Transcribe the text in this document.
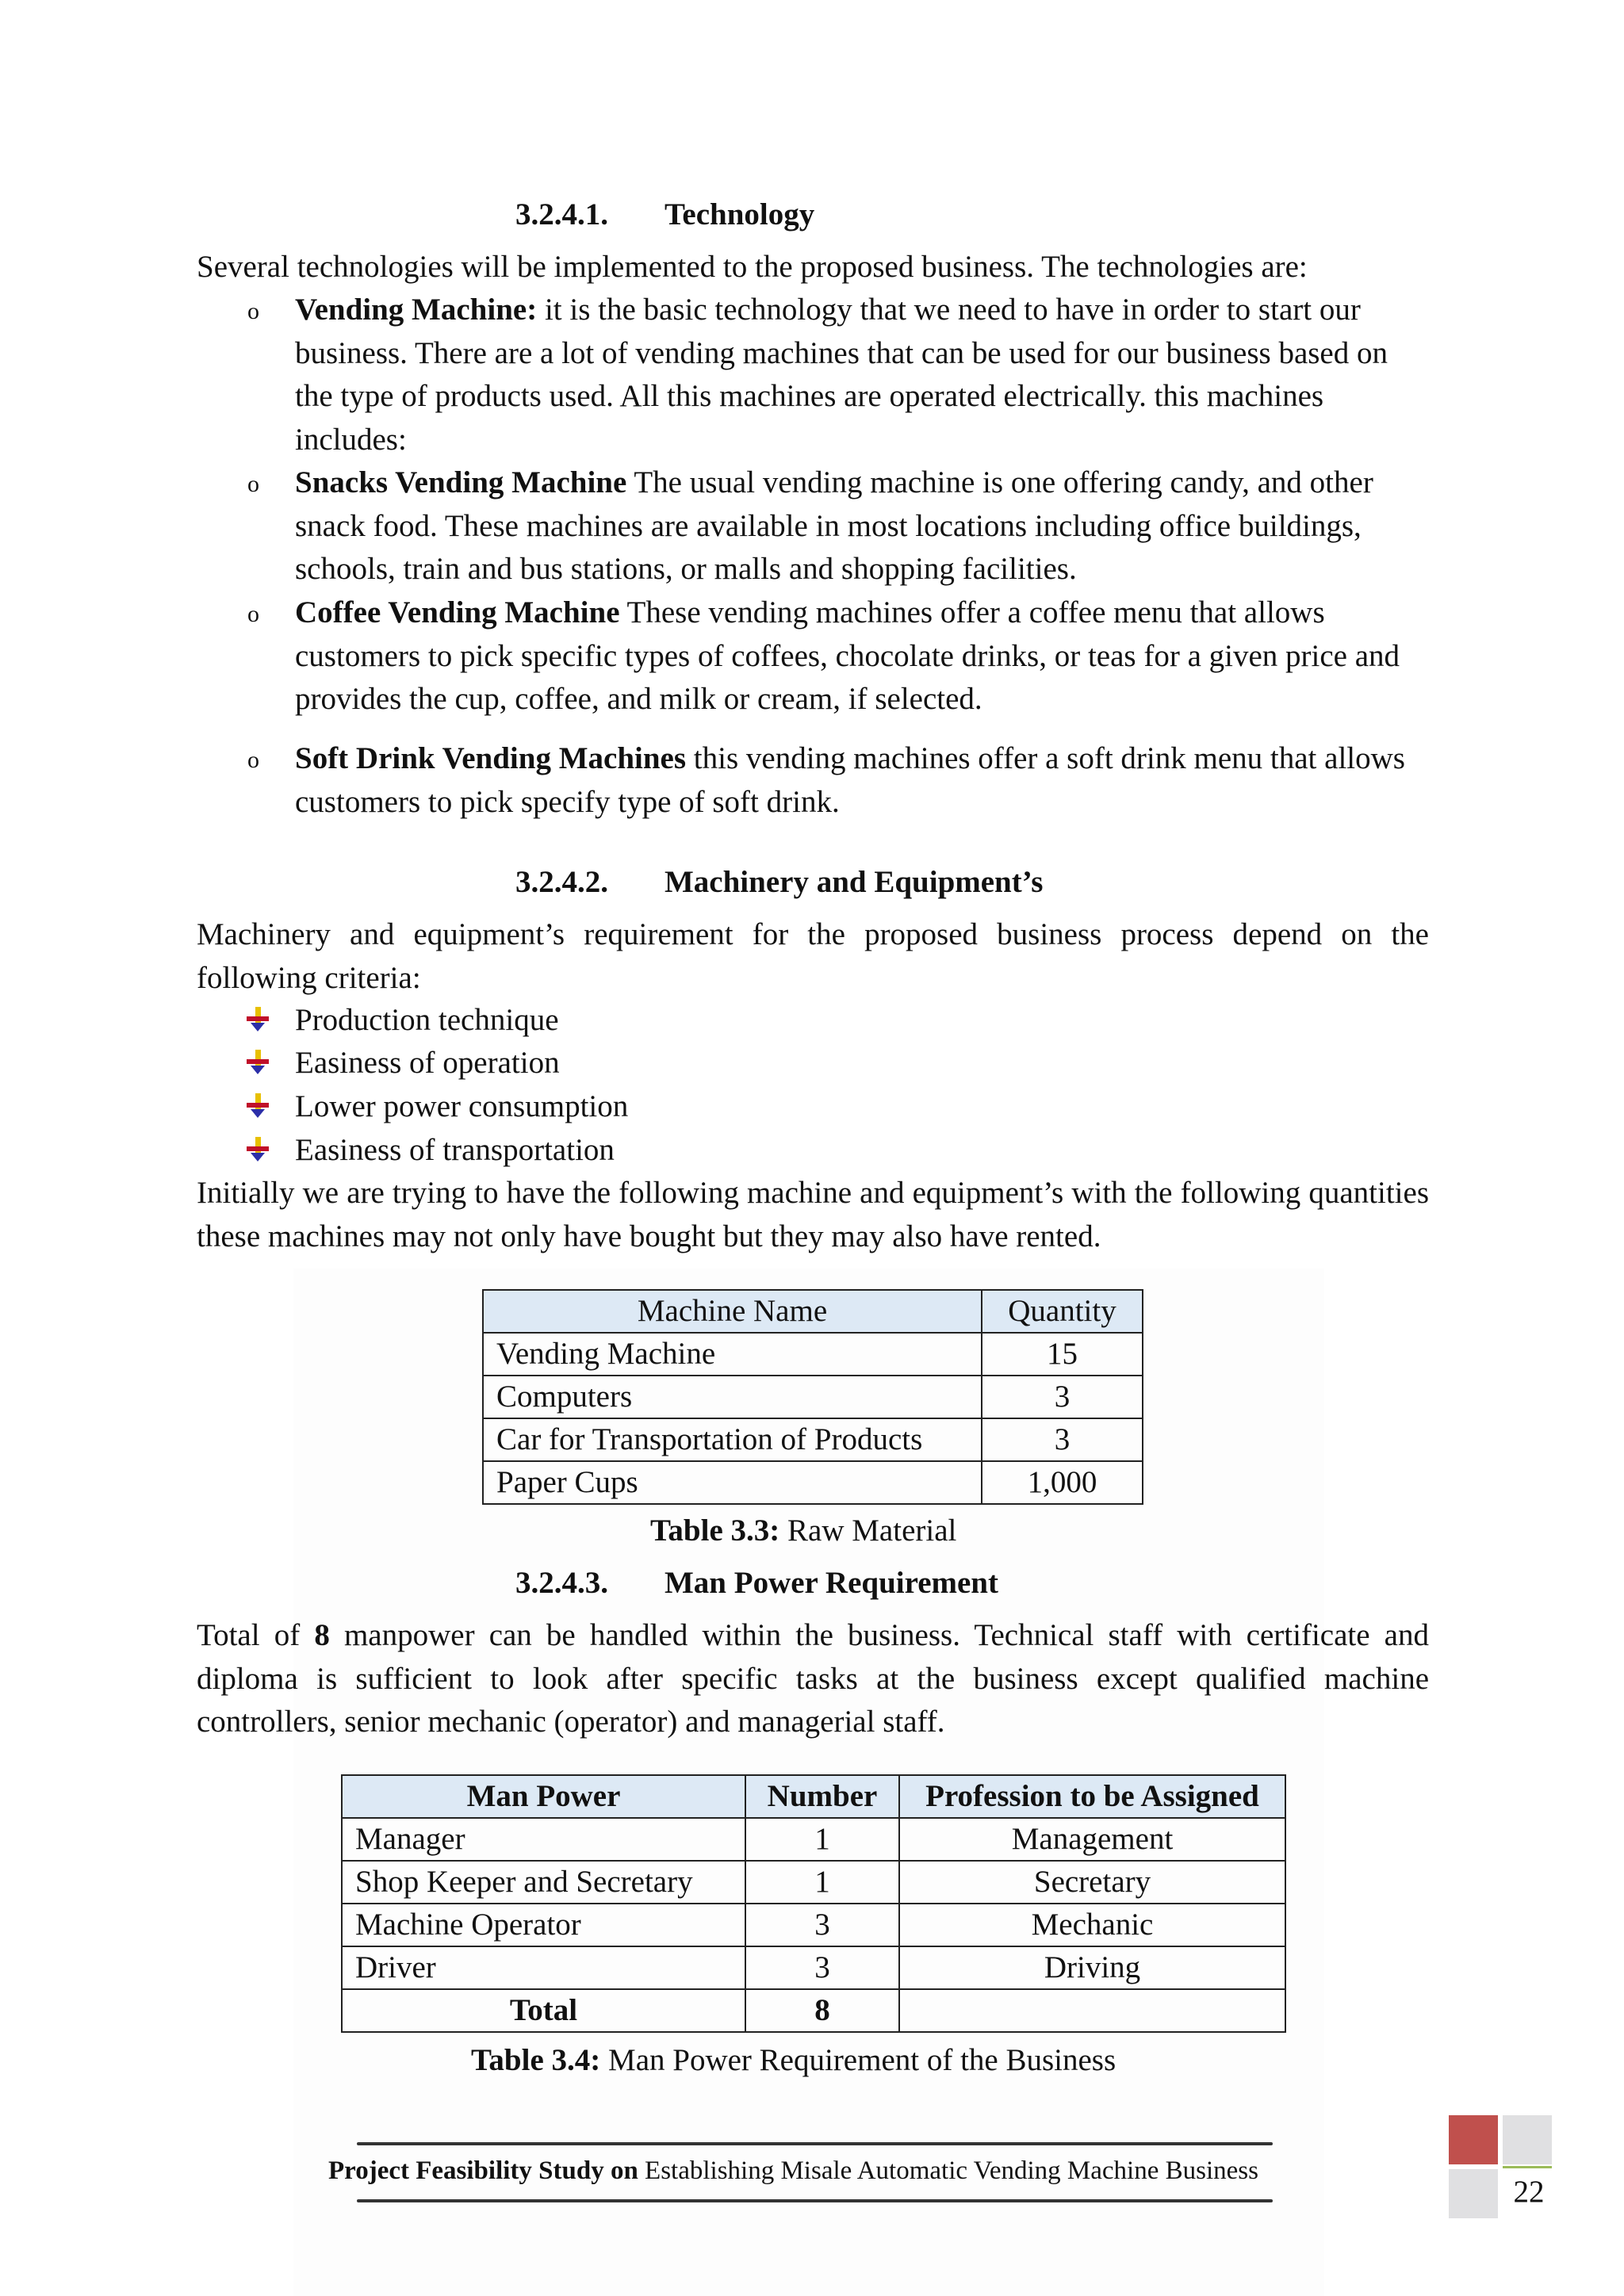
3.2.4.1. Technology
Several technologies will be implemented to the proposed business. The technologies are:
o Vending Machine: it is the basic technology that we need to have in order to start our business. There are a lot of vending machines that can be used for our business based on the type of products used. All this machines are operated electrically. this machines includes:
o Snacks Vending Machine The usual vending machine is one offering candy, and other snack food. These machines are available in most locations including office buildings, schools, train and bus stations, or malls and shopping facilities.
o Coffee Vending Machine These vending machines offer a coffee menu that allows customers to pick specific types of coffees, chocolate drinks, or teas for a given price and provides the cup, coffee, and milk or cream, if selected.
o Soft Drink Vending Machines this vending machines offer a soft drink menu that allows customers to pick specify type of soft drink.
3.2.4.2. Machinery and Equipment’s
Machinery and equipment’s requirement for the proposed business process depend on the following criteria:
Production technique
Easiness of operation
Lower power consumption
Easiness of transportation
Initially we are trying to have the following machine and equipment’s with the following quantities these machines may not only have bought but they may also have rented.
Machine Name	Quantity
Vending Machine	15
Computers	3
Car for Transportation of Products	3
Paper Cups	1,000
Table 3.3: Raw Material
3.2.4.3. Man Power Requirement
Total of 8 manpower can be handled within the business. Technical staff with certificate and diploma is sufficient to look after specific tasks at the business except qualified machine controllers, senior mechanic (operator) and managerial staff.
Man Power	Number	Profession to be Assigned
Manager	1	Management
Shop Keeper and Secretary	1	Secretary
Machine Operator	3	Mechanic
Driver	3	Driving
Total	8	
Table 3.4: Man Power Requirement of the Business
Project Feasibility Study on Establishing Misale Automatic Vending Machine Business
22
